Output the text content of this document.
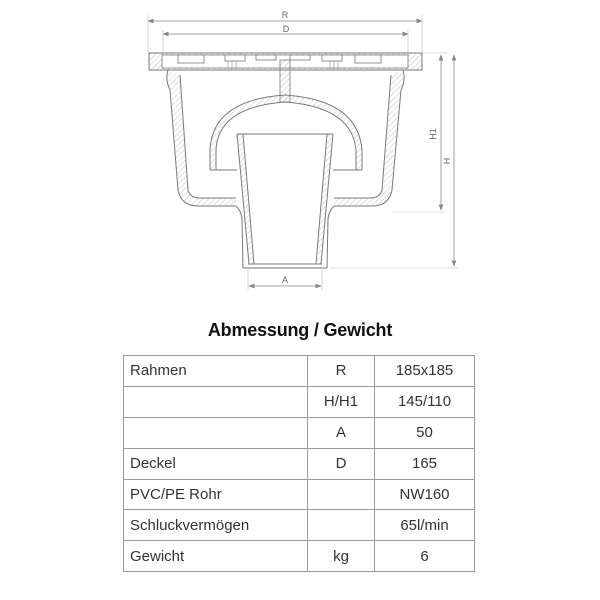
R
D
H1
H
A
Abmessung / Gewicht
Rahmen	R	185x185
	H/H1	145/110
	A	50
Deckel	D	165
PVC/PE Rohr		NW160
Schluckvermögen		65l/min
Gewicht	kg	6
